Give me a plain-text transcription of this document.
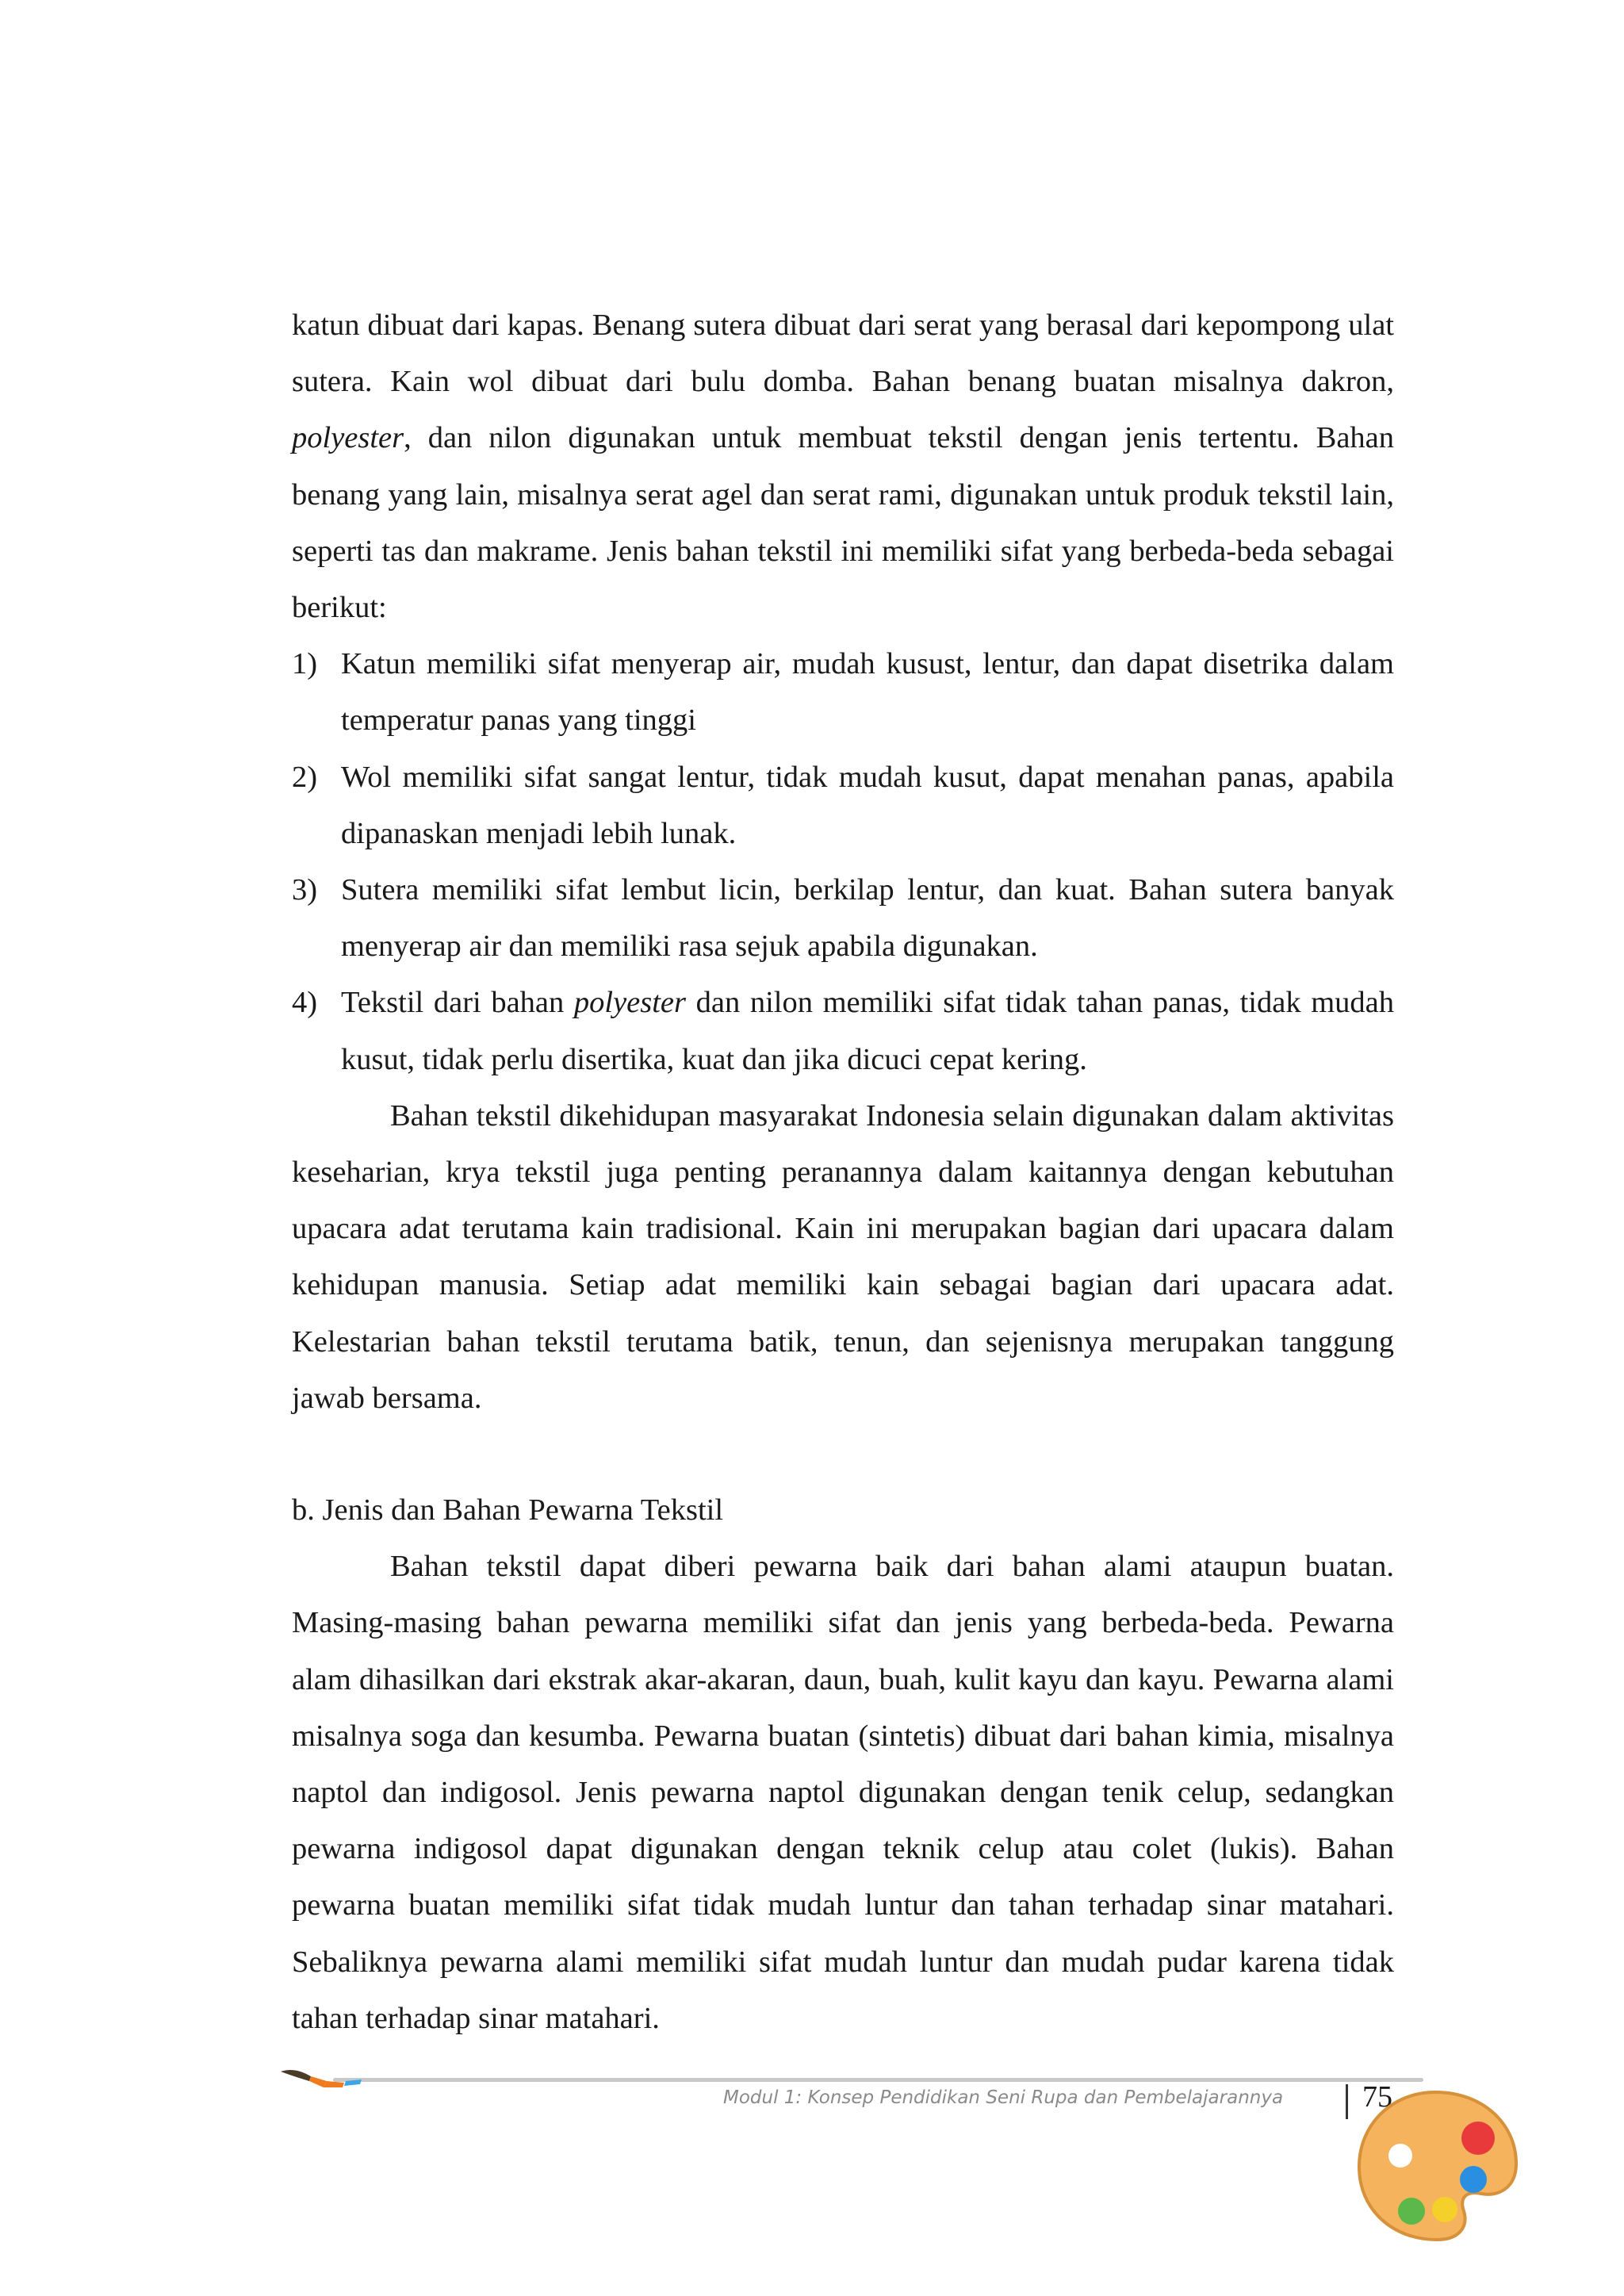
katun dibuat dari kapas. Benang sutera dibuat dari serat yang berasal dari kepompong ulat sutera. Kain wol dibuat dari bulu domba. Bahan benang buatan misalnya dakron, polyester, dan nilon digunakan untuk membuat tekstil dengan jenis tertentu. Bahan benang yang lain, misalnya serat agel dan serat rami, digunakan untuk produk tekstil lain, seperti tas dan makrame. Jenis bahan tekstil ini memiliki sifat yang berbeda-beda sebagai berikut:

1) Katun memiliki sifat menyerap air, mudah kusust, lentur, dan dapat disetrika dalam temperatur panas yang tinggi
2) Wol memiliki sifat sangat lentur, tidak mudah kusut, dapat menahan panas, apabila dipanaskan menjadi lebih lunak.
3) Sutera memiliki sifat lembut licin, berkilap lentur, dan kuat. Bahan sutera banyak menyerap air dan memiliki rasa sejuk apabila digunakan.
4) Tekstil dari bahan polyester dan nilon memiliki sifat tidak tahan panas, tidak mudah kusut, tidak perlu disertika, kuat dan jika dicuci cepat kering.

Bahan tekstil dikehidupan masyarakat Indonesia selain digunakan dalam aktivitas keseharian, krya tekstil juga penting peranannya dalam kaitannya dengan kebutuhan upacara adat terutama kain tradisional. Kain ini merupakan bagian dari upacara dalam kehidupan manusia. Setiap adat memiliki kain sebagai bagian dari upacara adat. Kelestarian bahan tekstil terutama batik, tenun, dan sejenisnya merupakan tanggung jawab bersama.

b. Jenis dan Bahan Pewarna Tekstil

Bahan tekstil dapat diberi pewarna baik dari bahan alami ataupun buatan. Masing-masing bahan pewarna memiliki sifat dan jenis yang berbeda-beda. Pewarna alam dihasilkan dari ekstrak akar-akaran, daun, buah, kulit kayu dan kayu. Pewarna alami misalnya soga dan kesumba. Pewarna buatan (sintetis) dibuat dari bahan kimia, misalnya naptol dan indigosol. Jenis pewarna naptol digunakan dengan tenik celup, sedangkan pewarna indigosol dapat digunakan dengan teknik celup atau colet (lukis). Bahan pewarna buatan memiliki sifat tidak mudah luntur dan tahan terhadap sinar matahari. Sebaliknya pewarna alami memiliki sifat mudah luntur dan mudah pudar karena tidak tahan terhadap sinar matahari.

Modul 1: Konsep Pendidikan Seni Rupa dan Pembelajarannya	75
